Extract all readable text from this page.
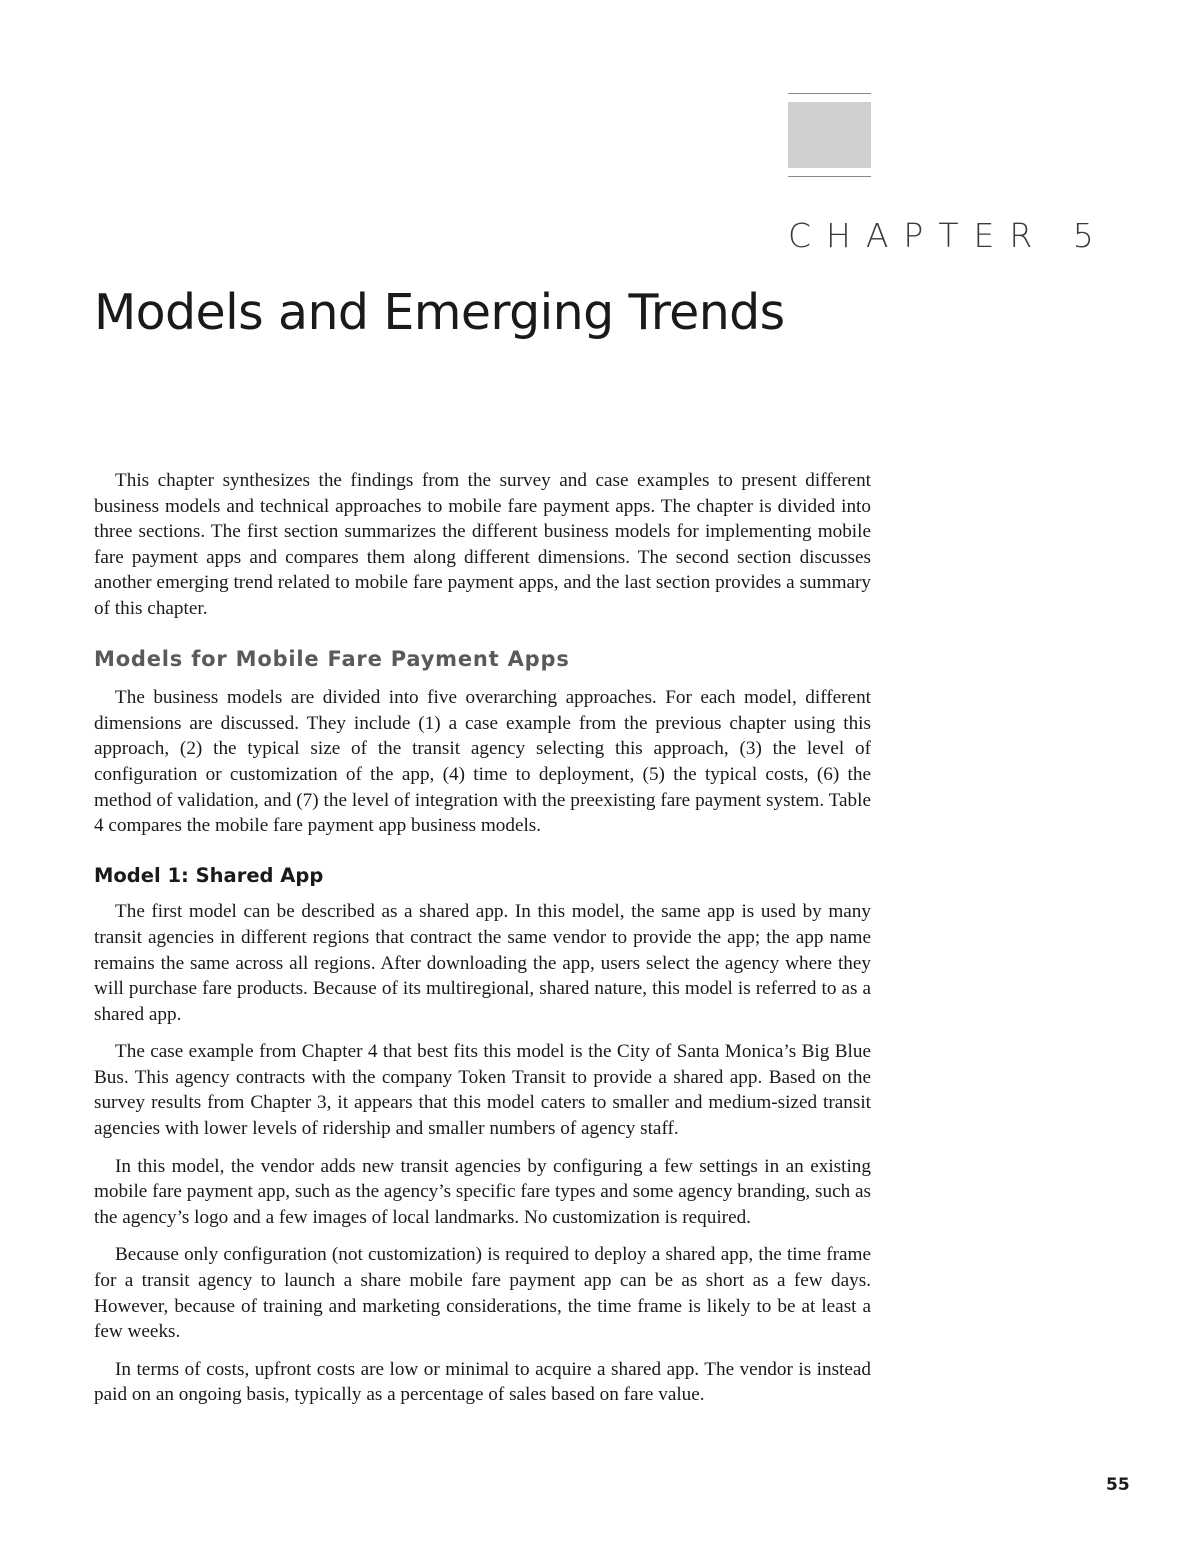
CHAPTER 5
Models and Emerging Trends

This chapter synthesizes the findings from the survey and case examples to present different business models and technical approaches to mobile fare payment apps. The chapter is divided into three sections. The first section summarizes the different business models for implementing mobile fare payment apps and compares them along different dimensions. The second section discusses another emerging trend related to mobile fare payment apps, and the last section provides a summary of this chapter.

Models for Mobile Fare Payment Apps

The business models are divided into five overarching approaches. For each model, different dimensions are discussed. They include (1) a case example from the previous chapter using this approach, (2) the typical size of the transit agency selecting this approach, (3) the level of configuration or customization of the app, (4) time to deployment, (5) the typical costs, (6) the method of validation, and (7) the level of integration with the preexisting fare payment system. Table 4 compares the mobile fare payment app business models.

Model 1: Shared App

The first model can be described as a shared app. In this model, the same app is used by many transit agencies in different regions that contract the same vendor to provide the app; the app name remains the same across all regions. After downloading the app, users select the agency where they will purchase fare products. Because of its multiregional, shared nature, this model is referred to as a shared app.

The case example from Chapter 4 that best fits this model is the City of Santa Monica’s Big Blue Bus. This agency contracts with the company Token Transit to provide a shared app. Based on the survey results from Chapter 3, it appears that this model caters to smaller and medium-sized transit agencies with lower levels of ridership and smaller numbers of agency staff.

In this model, the vendor adds new transit agencies by configuring a few settings in an existing mobile fare payment app, such as the agency’s specific fare types and some agency branding, such as the agency’s logo and a few images of local landmarks. No customization is required.

Because only configuration (not customization) is required to deploy a shared app, the time frame for a transit agency to launch a share mobile fare payment app can be as short as a few days. However, because of training and marketing considerations, the time frame is likely to be at least a few weeks.

In terms of costs, upfront costs are low or minimal to acquire a shared app. The vendor is instead paid on an ongoing basis, typically as a percentage of sales based on fare value.

55
